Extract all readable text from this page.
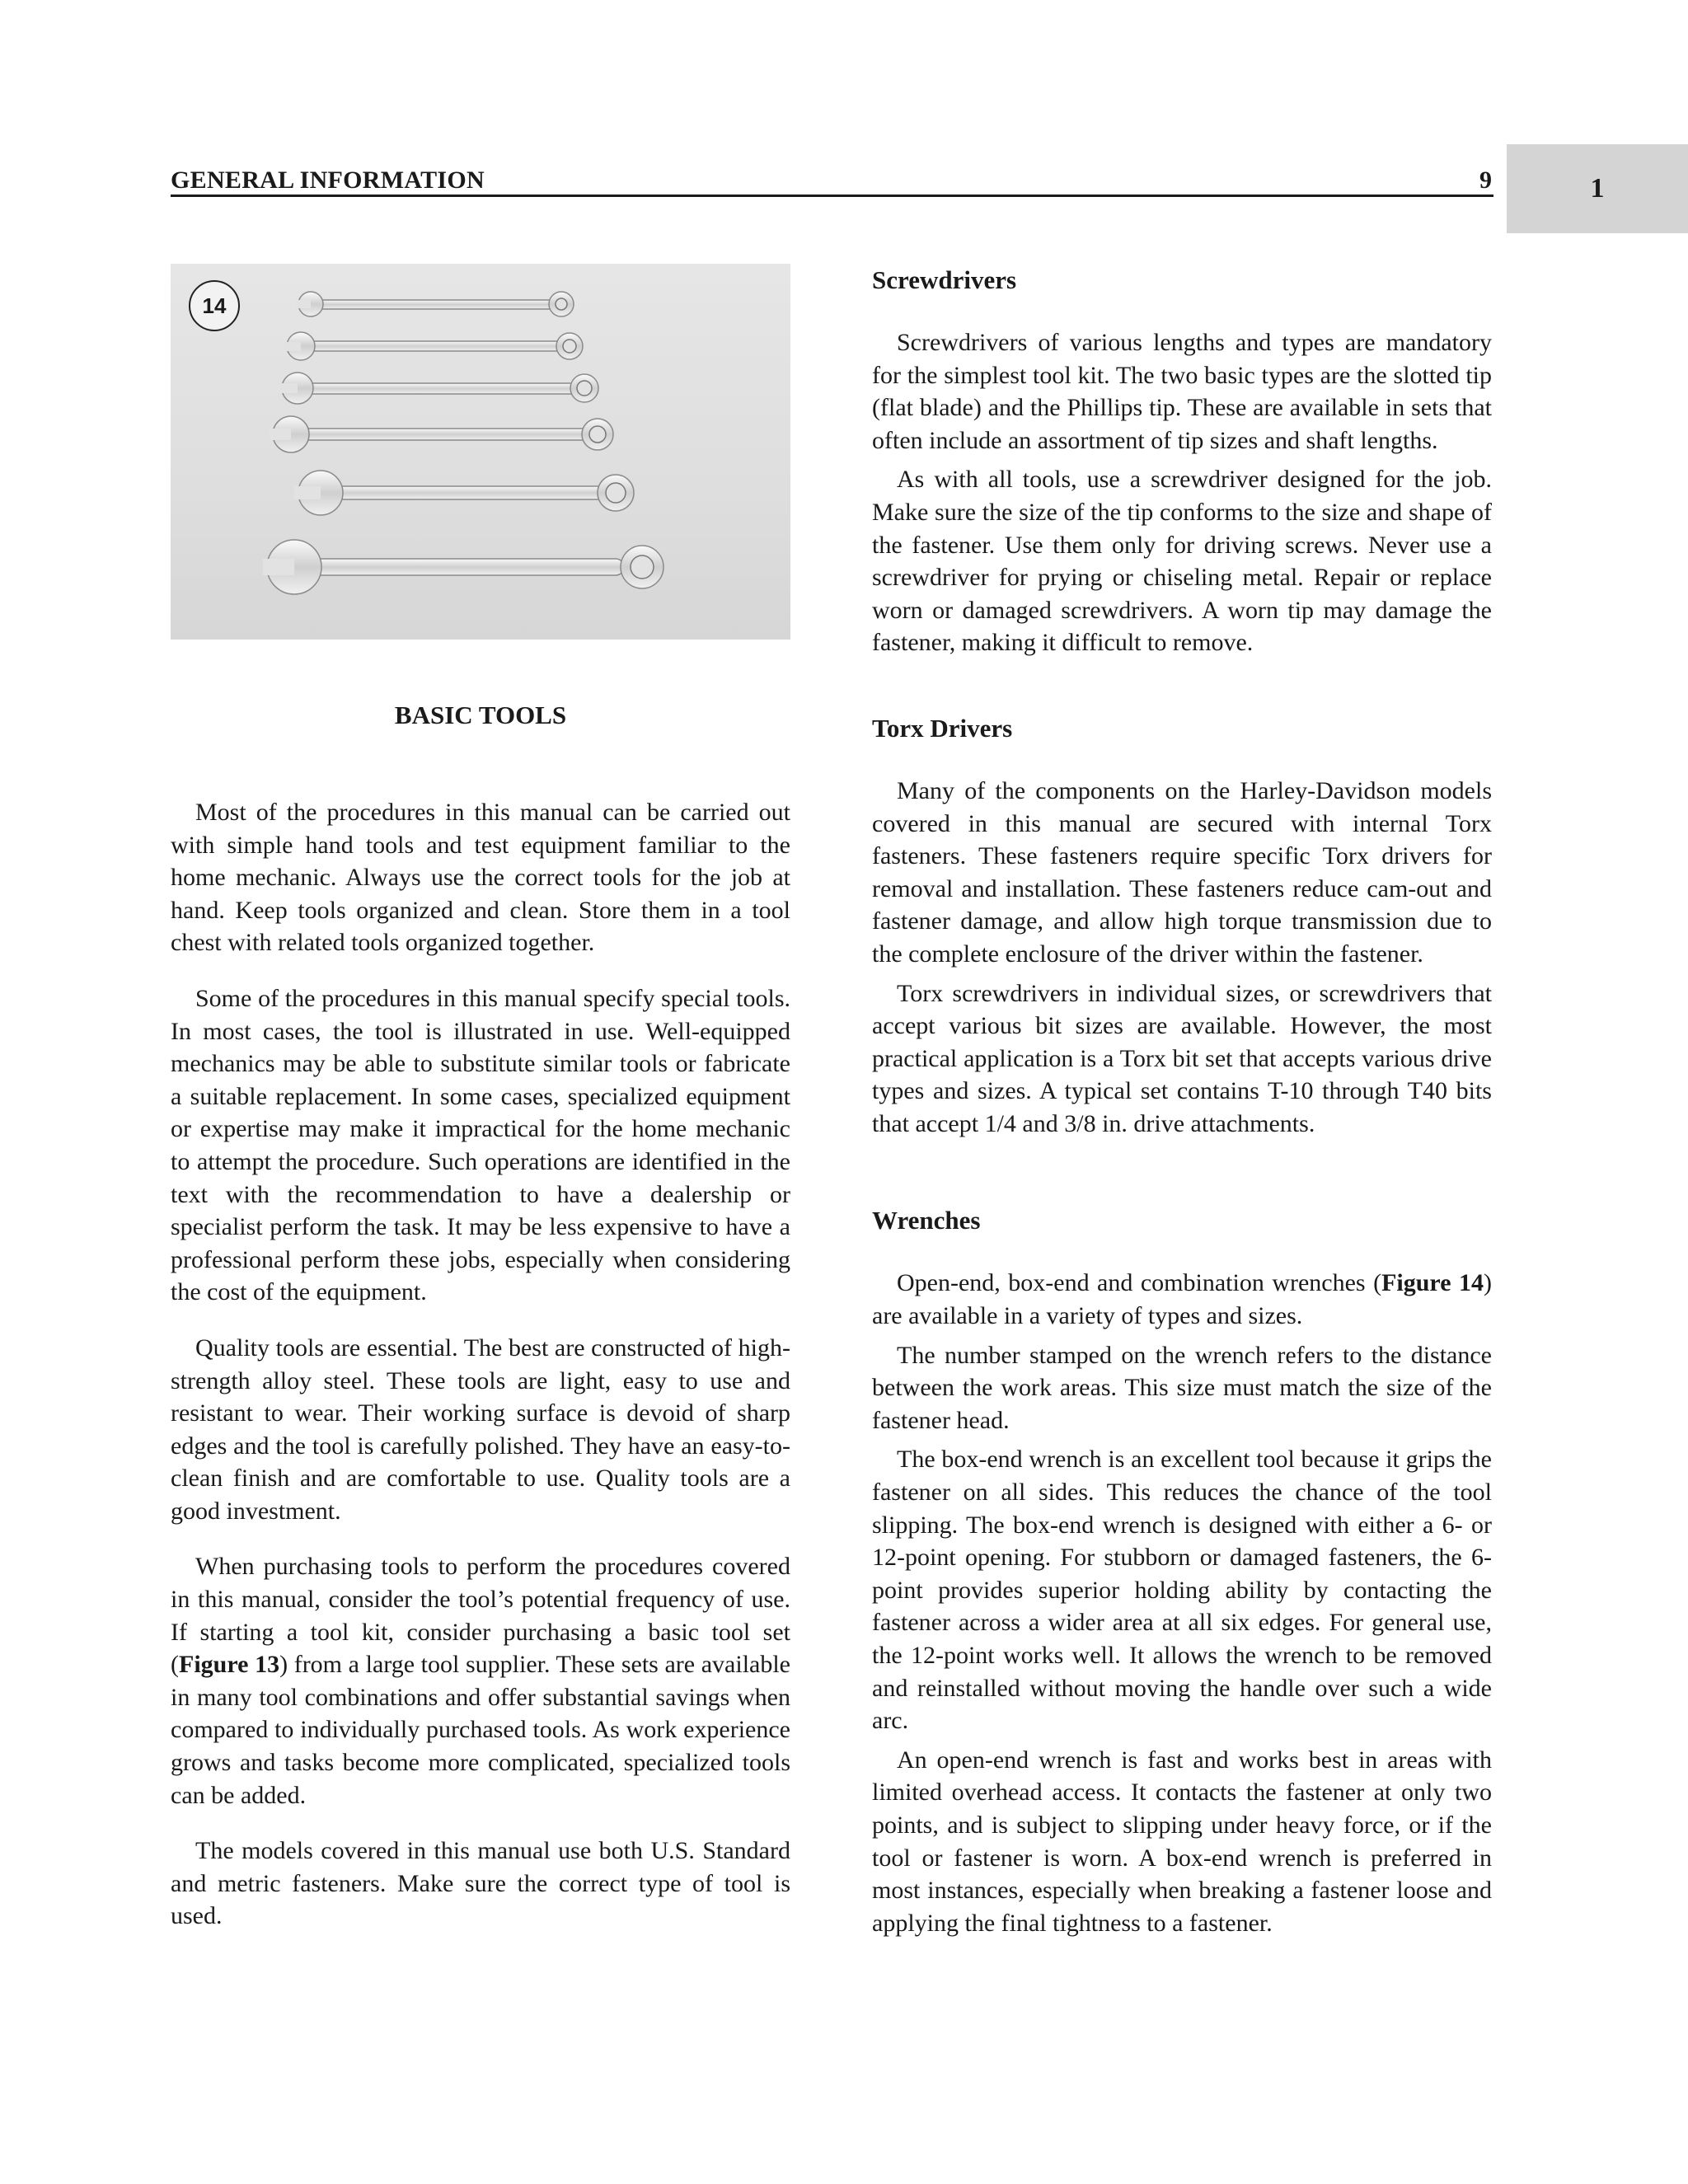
GENERAL INFORMATION	9	1
14
BASIC TOOLS

Most of the procedures in this manual can be carried out with simple hand tools and test equipment familiar to the home mechanic. Always use the correct tools for the job at hand. Keep tools organized and clean. Store them in a tool chest with related tools organized together.

Some of the procedures in this manual specify special tools. In most cases, the tool is illustrated in use. Well-equipped mechanics may be able to substitute similar tools or fabricate a suitable replacement. In some cases, specialized equipment or expertise may make it impractical for the home mechanic to attempt the procedure. Such operations are identified in the text with the recommendation to have a dealership or specialist perform the task. It may be less expensive to have a professional perform these jobs, especially when considering the cost of the equipment.

Quality tools are essential. The best are constructed of high-strength alloy steel. These tools are light, easy to use and resistant to wear. Their working surface is devoid of sharp edges and the tool is carefully polished. They have an easy-to-clean finish and are comfortable to use. Quality tools are a good investment.

When purchasing tools to perform the procedures covered in this manual, consider the tool’s potential frequency of use. If starting a tool kit, consider purchasing a basic tool set (Figure 13) from a large tool supplier. These sets are available in many tool combinations and offer substantial savings when compared to individually purchased tools. As work experience grows and tasks become more complicated, specialized tools can be added.

The models covered in this manual use both U.S. Standard and metric fasteners. Make sure the correct type of tool is used.

Screwdrivers

Screwdrivers of various lengths and types are mandatory for the simplest tool kit. The two basic types are the slotted tip (flat blade) and the Phillips tip. These are available in sets that often include an assortment of tip sizes and shaft lengths.

As with all tools, use a screwdriver designed for the job. Make sure the size of the tip conforms to the size and shape of the fastener. Use them only for driving screws. Never use a screwdriver for prying or chiseling metal. Repair or replace worn or damaged screwdrivers. A worn tip may damage the fastener, making it difficult to remove.

Torx Drivers

Many of the components on the Harley-Davidson models covered in this manual are secured with internal Torx fasteners. These fasteners require specific Torx drivers for removal and installation. These fasteners reduce cam-out and fastener damage, and allow high torque transmission due to the complete enclosure of the driver within the fastener.

Torx screwdrivers in individual sizes, or screwdrivers that accept various bit sizes are available. However, the most practical application is a Torx bit set that accepts various drive types and sizes. A typical set contains T-10 through T40 bits that accept 1/4 and 3/8 in. drive attachments.

Wrenches

Open-end, box-end and combination wrenches (Figure 14) are available in a variety of types and sizes.

The number stamped on the wrench refers to the distance between the work areas. This size must match the size of the fastener head.

The box-end wrench is an excellent tool because it grips the fastener on all sides. This reduces the chance of the tool slipping. The box-end wrench is designed with either a 6- or 12-point opening. For stubborn or damaged fasteners, the 6-point provides superior holding ability by contacting the fastener across a wider area at all six edges. For general use, the 12-point works well. It allows the wrench to be removed and reinstalled without moving the handle over such a wide arc.

An open-end wrench is fast and works best in areas with limited overhead access. It contacts the fastener at only two points, and is subject to slipping under heavy force, or if the tool or fastener is worn. A box-end wrench is preferred in most instances, especially when breaking a fastener loose and applying the final tightness to a fastener.
